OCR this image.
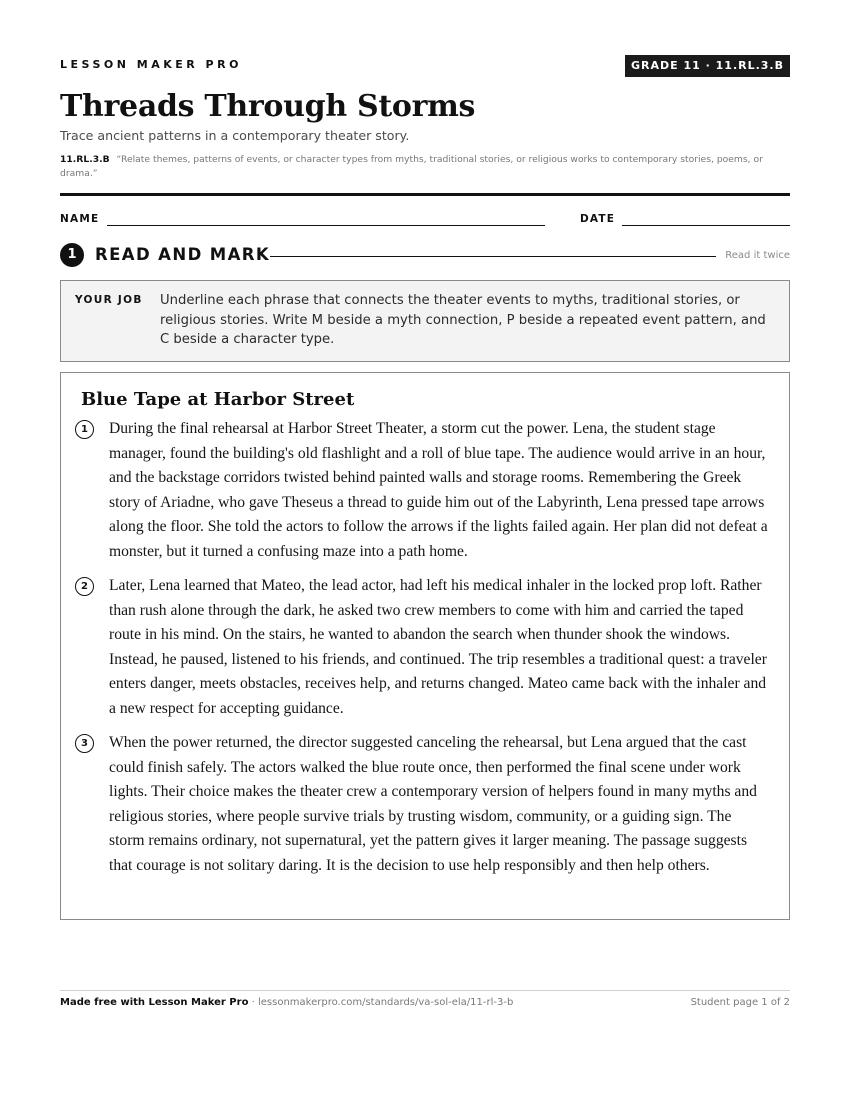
LESSON MAKER PRO	GRADE 11 · 11.RL.3.B
Threads Through Storms
Trace ancient patterns in a contemporary theater story.
11.RL.3.B “Relate themes, patterns of events, or character types from myths, traditional stories, or religious works to contemporary stories, poems, or drama.”
NAME	DATE
1	READ AND MARK	Read it twice
YOUR JOB	Underline each phrase that connects the theater events to myths, traditional stories, or religious stories. Write M beside a myth connection, P beside a repeated event pattern, and C beside a character type.
Blue Tape at Harbor Street
1	During the final rehearsal at Harbor Street Theater, a storm cut the power. Lena, the student stage manager, found the building's old flashlight and a roll of blue tape. The audience would arrive in an hour, and the backstage corridors twisted behind painted walls and storage rooms. Remembering the Greek story of Ariadne, who gave Theseus a thread to guide him out of the Labyrinth, Lena pressed tape arrows along the floor. She told the actors to follow the arrows if the lights failed again. Her plan did not defeat a monster, but it turned a confusing maze into a path home.
2	Later, Lena learned that Mateo, the lead actor, had left his medical inhaler in the locked prop loft. Rather than rush alone through the dark, he asked two crew members to come with him and carried the taped route in his mind. On the stairs, he wanted to abandon the search when thunder shook the windows. Instead, he paused, listened to his friends, and continued. The trip resembles a traditional quest: a traveler enters danger, meets obstacles, receives help, and returns changed. Mateo came back with the inhaler and a new respect for accepting guidance.
3	When the power returned, the director suggested canceling the rehearsal, but Lena argued that the cast could finish safely. The actors walked the blue route once, then performed the final scene under work lights. Their choice makes the theater crew a contemporary version of helpers found in many myths and religious stories, where people survive trials by trusting wisdom, community, or a guiding sign. The storm remains ordinary, not supernatural, yet the pattern gives it larger meaning. The passage suggests that courage is not solitary daring. It is the decision to use help responsibly and then help others.
Made free with Lesson Maker Pro · lessonmakerpro.com/standards/va-sol-ela/11-rl-3-b	Student page 1 of 2
